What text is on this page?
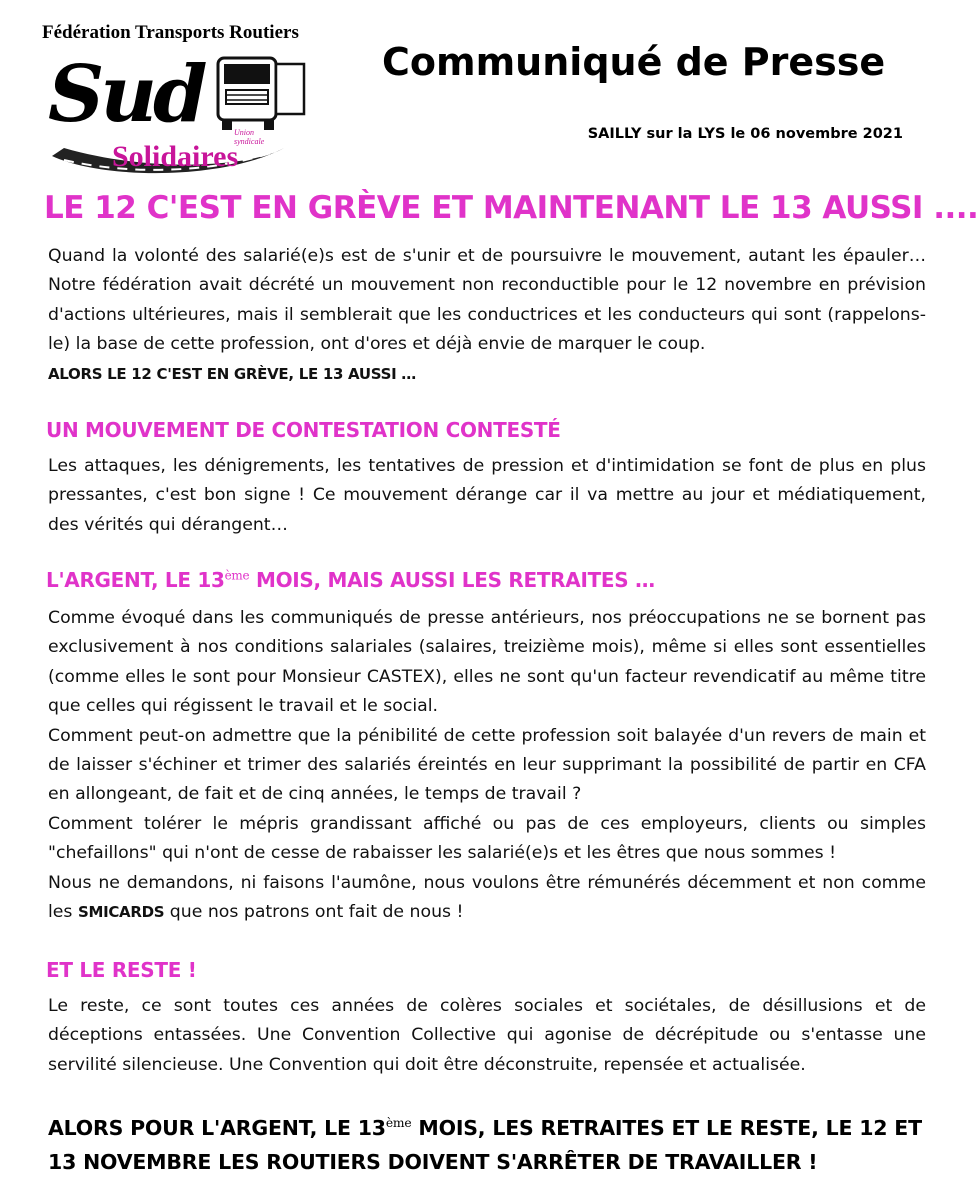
Fédération Transports Routiers
Sud	Union syndicale
Solidaires
Communiqué de Presse
SAILLY sur la LYS le 06 novembre 2021
LE 12 C'EST EN GRÈVE ET MAINTENANT LE 13 AUSSI ....

Quand la volonté des salarié(e)s est de s'unir et de poursuivre le mouvement, autant les épauler… Notre fédération avait décrété un mouvement non reconductible pour le 12 novembre en prévision d'actions ultérieures, mais il semblerait que les conductrices et les conducteurs qui sont (rappelons-le) la base de cette profession, ont d'ores et déjà envie de marquer le coup.
ALORS LE 12 C'EST EN GRÈVE, LE 13 AUSSI …

UN MOUVEMENT DE CONTESTATION CONTESTÉ

Les attaques, les dénigrements, les tentatives de pression et d'intimidation se font de plus en plus pressantes, c'est bon signe ! Ce mouvement dérange car il va mettre au jour et médiatiquement, des vérités qui dérangent…

L'ARGENT, LE 13ème MOIS, MAIS AUSSI LES RETRAITES …

Comme évoqué dans les communiqués de presse antérieurs, nos préoccupations ne se bornent pas exclusivement à nos conditions salariales (salaires, treizième mois), même si elles sont essentielles (comme elles le sont pour Monsieur CASTEX), elles ne sont qu'un facteur revendicatif au même titre que celles qui régissent le travail et le social.

Comment peut-on admettre que la pénibilité de cette profession soit balayée d'un revers de main et de laisser s'échiner et trimer des salariés éreintés en leur supprimant la possibilité de partir en CFA en allongeant, de fait et de cinq années, le temps de travail ?

Comment tolérer le mépris grandissant affiché ou pas de ces employeurs, clients ou simples "chefaillons" qui n'ont de cesse de rabaisser les salarié(e)s et les êtres que nous sommes !

Nous ne demandons, ni faisons l'aumône, nous voulons être rémunérés décemment et non comme les SMICARDS que nos patrons ont fait de nous !

ET LE RESTE !

Le reste, ce sont toutes ces années de colères sociales et sociétales, de désillusions et de déceptions entassées. Une Convention Collective qui agonise de décrépitude ou s'entasse une servilité silencieuse. Une Convention qui doit être déconstruite, repensée et actualisée.

ALORS POUR L'ARGENT, LE 13ème MOIS, LES RETRAITES ET LE RESTE, LE 12 ET 13 NOVEMBRE LES ROUTIERS DOIVENT S'ARRÊTER DE TRAVAILLER !
